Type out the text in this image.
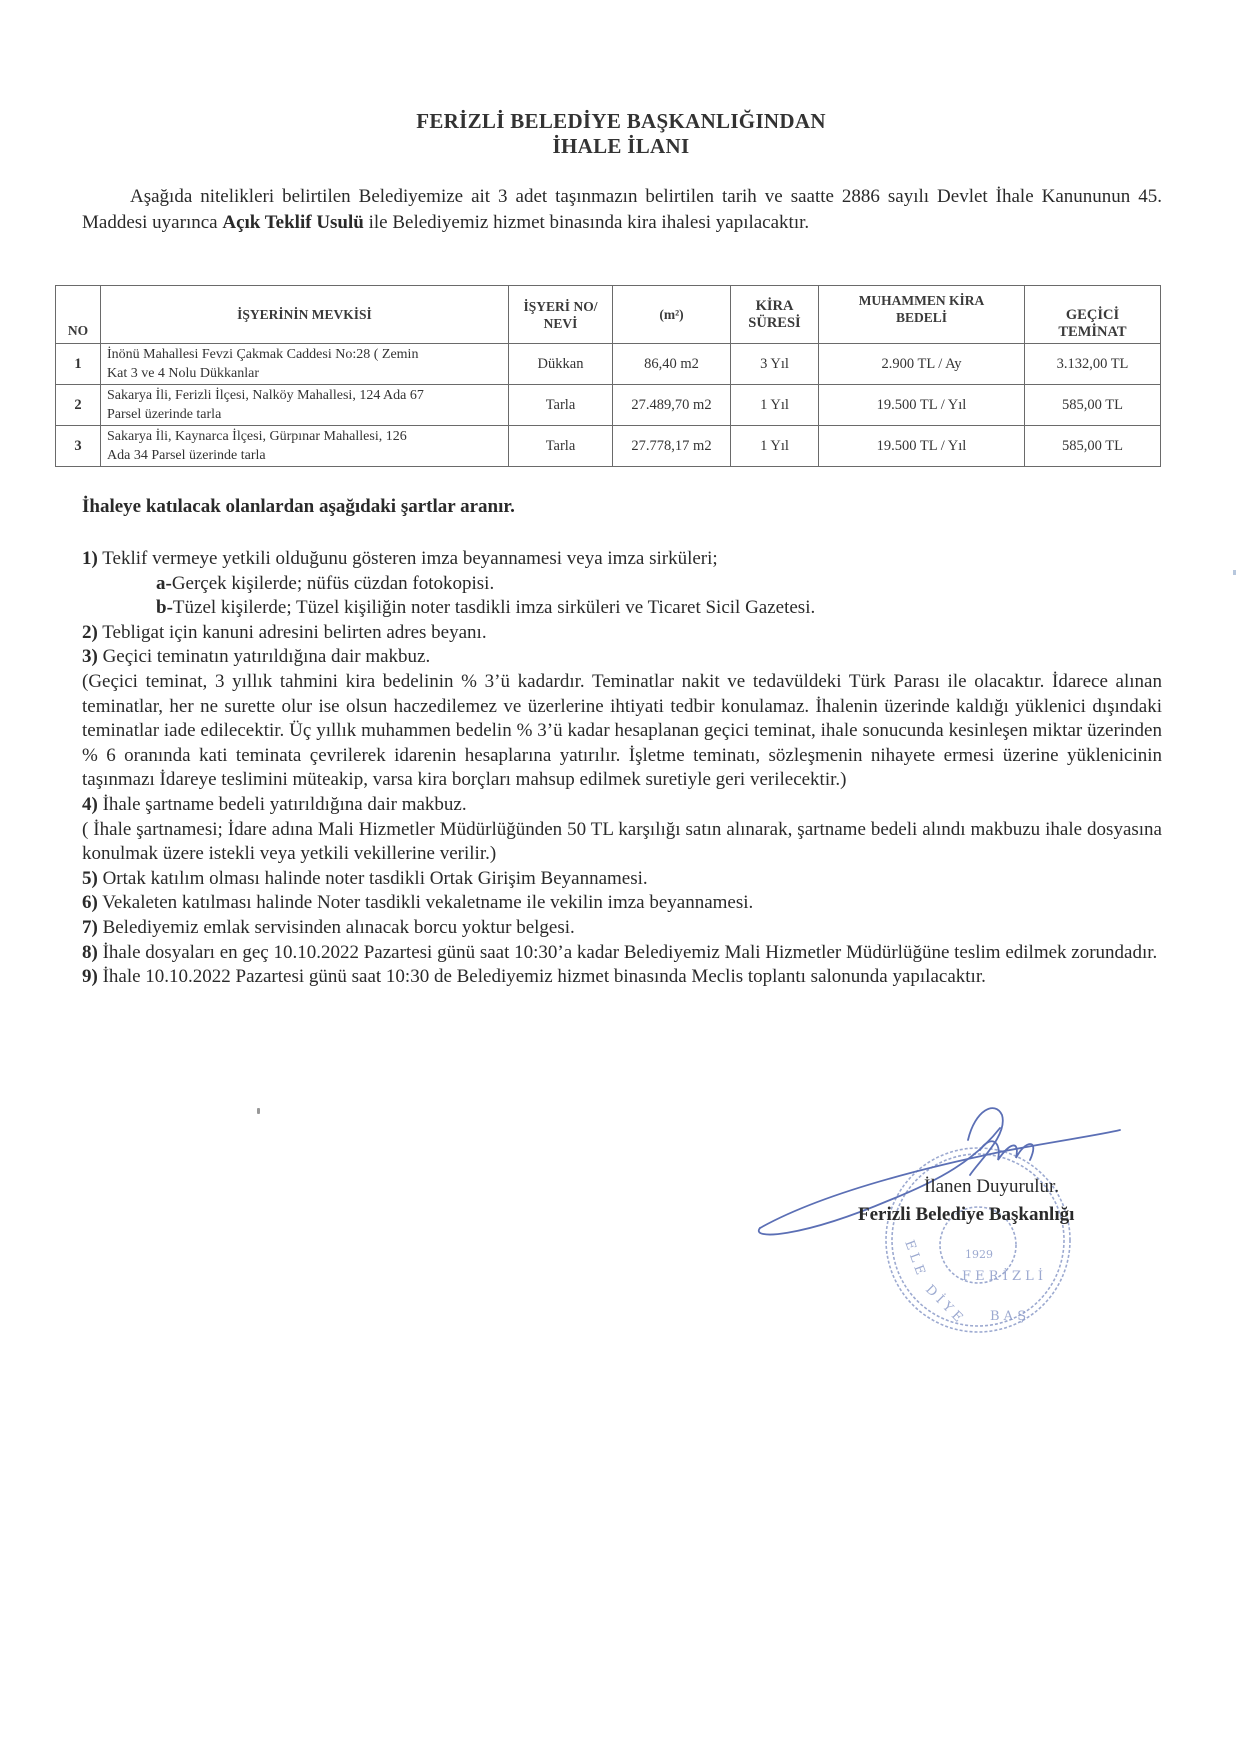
FERİZLİ BELEDİYE BAŞKANLIĞINDAN
İHALE İLANI
Aşağıda nitelikleri belirtilen Belediyemize ait 3 adet taşınmazın belirtilen tarih ve saatte 2886 sayılı Devlet İhale Kanununun 45. Maddesi uyarınca Açık Teklif Usulü ile Belediyemiz hizmet binasında kira ihalesi yapılacaktır.
NO	İŞYERİNİN MEVKİSİ	İŞYERİ NO/ NEVİ	(m²)	KİRA SÜRESİ	MUHAMMEN KİRA BEDELİ	GEÇİCİ
TEMİNAT

1	İnönü Mahallesi Fevzi Çakmak Caddesi No:28 ( Zemin
Kat 3 ve 4 Nolu Dükkanlar	Dükkan	86,40 m2	3 Yıl	2.900 TL / Ay	3.132,00 TL
2	Sakarya İli, Ferizli İlçesi, Nalköy Mahallesi, 124 Ada 67
Parsel üzerinde tarla	Tarla	27.489,70 m2	1 Yıl	19.500 TL / Yıl	585,00 TL
3	Sakarya İli, Kaynarca İlçesi, Gürpınar Mahallesi, 126
Ada 34 Parsel üzerinde tarla	Tarla	27.778,17 m2	1 Yıl	19.500 TL / Yıl	585,00 TL
İhaleye katılacak olanlardan aşağıdaki şartlar aranır.
1) Teklif vermeye yetkili olduğunu gösteren imza beyannamesi veya imza sirküleri;
a-Gerçek kişilerde; nüfüs cüzdan fotokopisi.
b-Tüzel kişilerde; Tüzel kişiliğin noter tasdikli imza sirküleri ve Ticaret Sicil Gazetesi.
2) Tebligat için kanuni adresini belirten adres beyanı.
3) Geçici teminatın yatırıldığına dair makbuz.
(Geçici teminat, 3 yıllık tahmini kira bedelinin % 3’ü kadardır. Teminatlar nakit ve tedavüldeki Türk Parası ile olacaktır. İdarece alınan teminatlar, her ne surette olur ise olsun haczedilemez ve üzerlerine ihtiyati tedbir konulamaz. İhalenin üzerinde kaldığı yüklenici dışındaki teminatlar iade edilecektir. Üç yıllık muhammen bedelin % 3’ü kadar hesaplanan geçici teminat, ihale sonucunda kesinleşen miktar üzerinden % 6 oranında kati teminata çevrilerek idarenin hesaplarına yatırılır. İşletme teminatı, sözleşmenin nihayete ermesi üzerine yüklenicinin taşınmazı İdareye teslimini müteakip, varsa kira borçları mahsup edilmek suretiyle geri verilecektir.)
4) İhale şartname bedeli yatırıldığına dair makbuz.
( İhale şartnamesi; İdare adına Mali Hizmetler Müdürlüğünden 50 TL karşılığı satın alınarak, şartname bedeli alındı makbuzu ihale dosyasına konulmak üzere istekli veya yetkili vekillerine verilir.)
5) Ortak katılım olması halinde noter tasdikli Ortak Girişim Beyannamesi.
6) Vekaleten katılması halinde Noter tasdikli vekaletname ile vekilin imza beyannamesi.
7) Belediyemiz emlak servisinden alınacak borcu yoktur belgesi.
8) İhale dosyaları en geç 10.10.2022 Pazartesi günü saat 10:30’a kadar Belediyemiz Mali Hizmetler Müdürlüğüne teslim edilmek zorundadır.
9) İhale 10.10.2022 Pazartesi günü saat 10:30 de Belediyemiz hizmet binasında Meclis toplantı salonunda yapılacaktır.
E L E
D İ Y E B A Ş
F E R İ Z L İ
1929
İlanen Duyurulur.
Ferizli Belediye Başkanlığı
